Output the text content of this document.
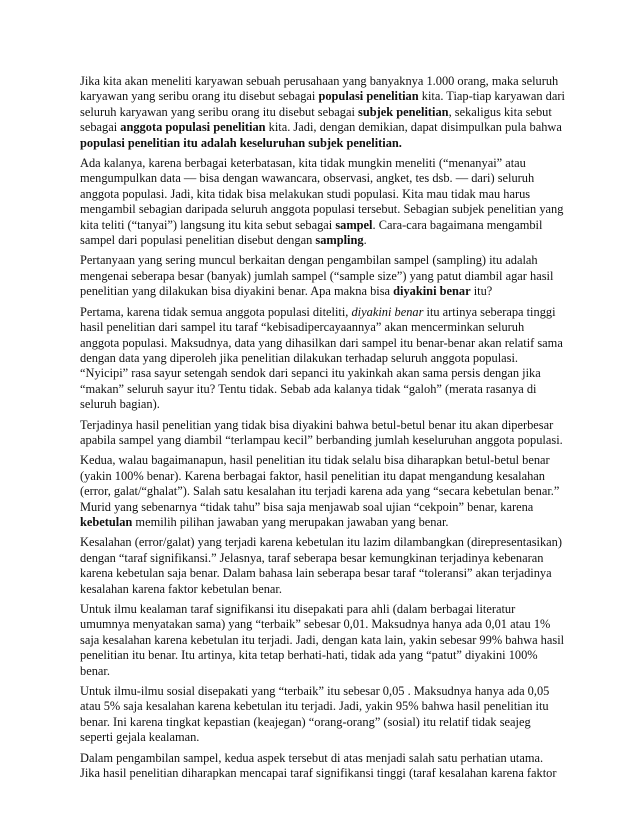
Jika kita akan meneliti karyawan sebuah perusahaan yang banyaknya 1.000 orang, maka seluruh karyawan yang seribu orang itu disebut sebagai populasi penelitian kita. Tiap-tiap karyawan dari seluruh karyawan yang seribu orang itu disebut sebagai subjek penelitian, sekaligus kita sebut sebagai anggota populasi penelitian kita. Jadi, dengan demikian, dapat disimpulkan pula bahwa populasi penelitian itu adalah keseluruhan subjek penelitian.

Ada kalanya, karena berbagai keterbatasan, kita tidak mungkin meneliti (“menanyai” atau mengumpulkan data — bisa dengan wawancara, observasi, angket, tes dsb. — dari) seluruh anggota populasi. Jadi, kita tidak bisa melakukan studi populasi. Kita mau tidak mau harus mengambil sebagian daripada seluruh anggota populasi tersebut. Sebagian subjek penelitian yang kita teliti (“tanyai”) langsung itu kita sebut sebagai sampel. Cara-cara bagaimana mengambil sampel dari populasi penelitian disebut dengan sampling.

Pertanyaan yang sering muncul berkaitan dengan pengambilan sampel (sampling) itu adalah mengenai seberapa besar (banyak) jumlah sampel (“sample size”) yang patut diambil agar hasil penelitian yang dilakukan bisa diyakini benar. Apa makna bisa diyakini benar itu?

Pertama, karena tidak semua anggota populasi diteliti, diyakini benar itu artinya seberapa tinggi hasil penelitian dari sampel itu taraf “kebisadipercayaannya” akan mencerminkan seluruh anggota populasi. Maksudnya, data yang dihasilkan dari sampel itu benar-benar akan relatif sama dengan data yang diperoleh jika penelitian dilakukan terhadap seluruh anggota populasi. “Nyicipi” rasa sayur setengah sendok dari sepanci itu yakinkah akan sama persis dengan jika “makan” seluruh sayur itu? Tentu tidak. Sebab ada kalanya tidak “galoh” (merata rasanya di seluruh bagian).

Terjadinya hasil penelitian yang tidak bisa diyakini bahwa betul-betul benar itu akan diperbesar apabila sampel yang diambil “terlampau kecil” berbanding jumlah keseluruhan anggota populasi.

Kedua, walau bagaimanapun, hasil penelitian itu tidak selalu bisa diharapkan betul-betul benar (yakin 100% benar). Karena berbagai faktor, hasil penelitian itu dapat mengandung kesalahan (error, galat/“ghalat”). Salah satu kesalahan itu terjadi karena ada yang “secara kebetulan benar.” Murid yang sebenarnya “tidak tahu” bisa saja menjawab soal ujian “cekpoin” benar, karena kebetulan memilih pilihan jawaban yang merupakan jawaban yang benar.

Kesalahan (error/galat) yang terjadi karena kebetulan itu lazim dilambangkan (direpresentasikan) dengan “taraf signifikansi.” Jelasnya, taraf seberapa besar kemungkinan terjadinya kebenaran karena kebetulan saja benar. Dalam bahasa lain seberapa besar taraf “toleransi” akan terjadinya kesalahan karena faktor kebetulan benar.

Untuk ilmu kealaman taraf signifikansi itu disepakati para ahli (dalam berbagai literatur umumnya menyatakan sama) yang “terbaik” sebesar 0,01. Maksudnya hanya ada 0,01 atau 1% saja kesalahan karena kebetulan itu terjadi. Jadi, dengan kata lain, yakin sebesar 99% bahwa hasil penelitian itu benar. Itu artinya, kita tetap berhati-hati, tidak ada yang “patut” diyakini 100% benar.

Untuk ilmu-ilmu sosial disepakati yang “terbaik” itu sebesar 0,05 . Maksudnya hanya ada 0,05 atau 5% saja kesalahan karena kebetulan itu terjadi. Jadi, yakin 95% bahwa hasil penelitian itu benar. Ini karena tingkat kepastian (keajegan) “orang-orang” (sosial) itu relatif tidak seajeg seperti gejala kealaman.

Dalam pengambilan sampel, kedua aspek tersebut di atas menjadi salah satu perhatian utama. Jika hasil penelitian diharapkan mencapai taraf signifikansi tinggi (taraf kesalahan karena faktor
